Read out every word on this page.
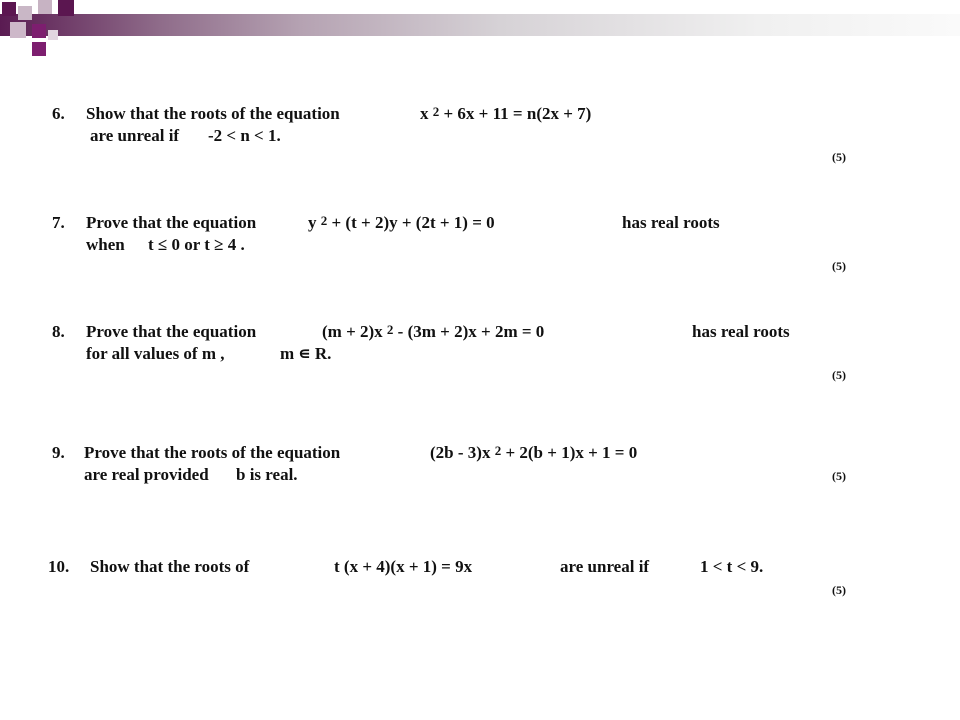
6. Show that the roots of the equation	x $^2$ + 6x + 11 = n(2x + 7)
are unreal if -2 < n < 1.
(5)
7. Prove that the equation	y $^2$ + (t + 2)y + (2t + 1) = 0	has real roots
when t ≤ 0 or t ≥ 4 .
(5)
8. Prove that the equation	(m + 2)x $^2$ - (3m + 2)x + 2m = 0	has real roots
for all values of m ,	m ∊ R.
(5)
9. Prove that the roots of the equation	(2b - 3)x $^2$ + 2(b + 1)x + 1 = 0
are real provided b is real.	(5)
10. Show that the roots of	t (x + 4)(x + 1) = 9x	are unreal if	1 < t < 9.
(5)
